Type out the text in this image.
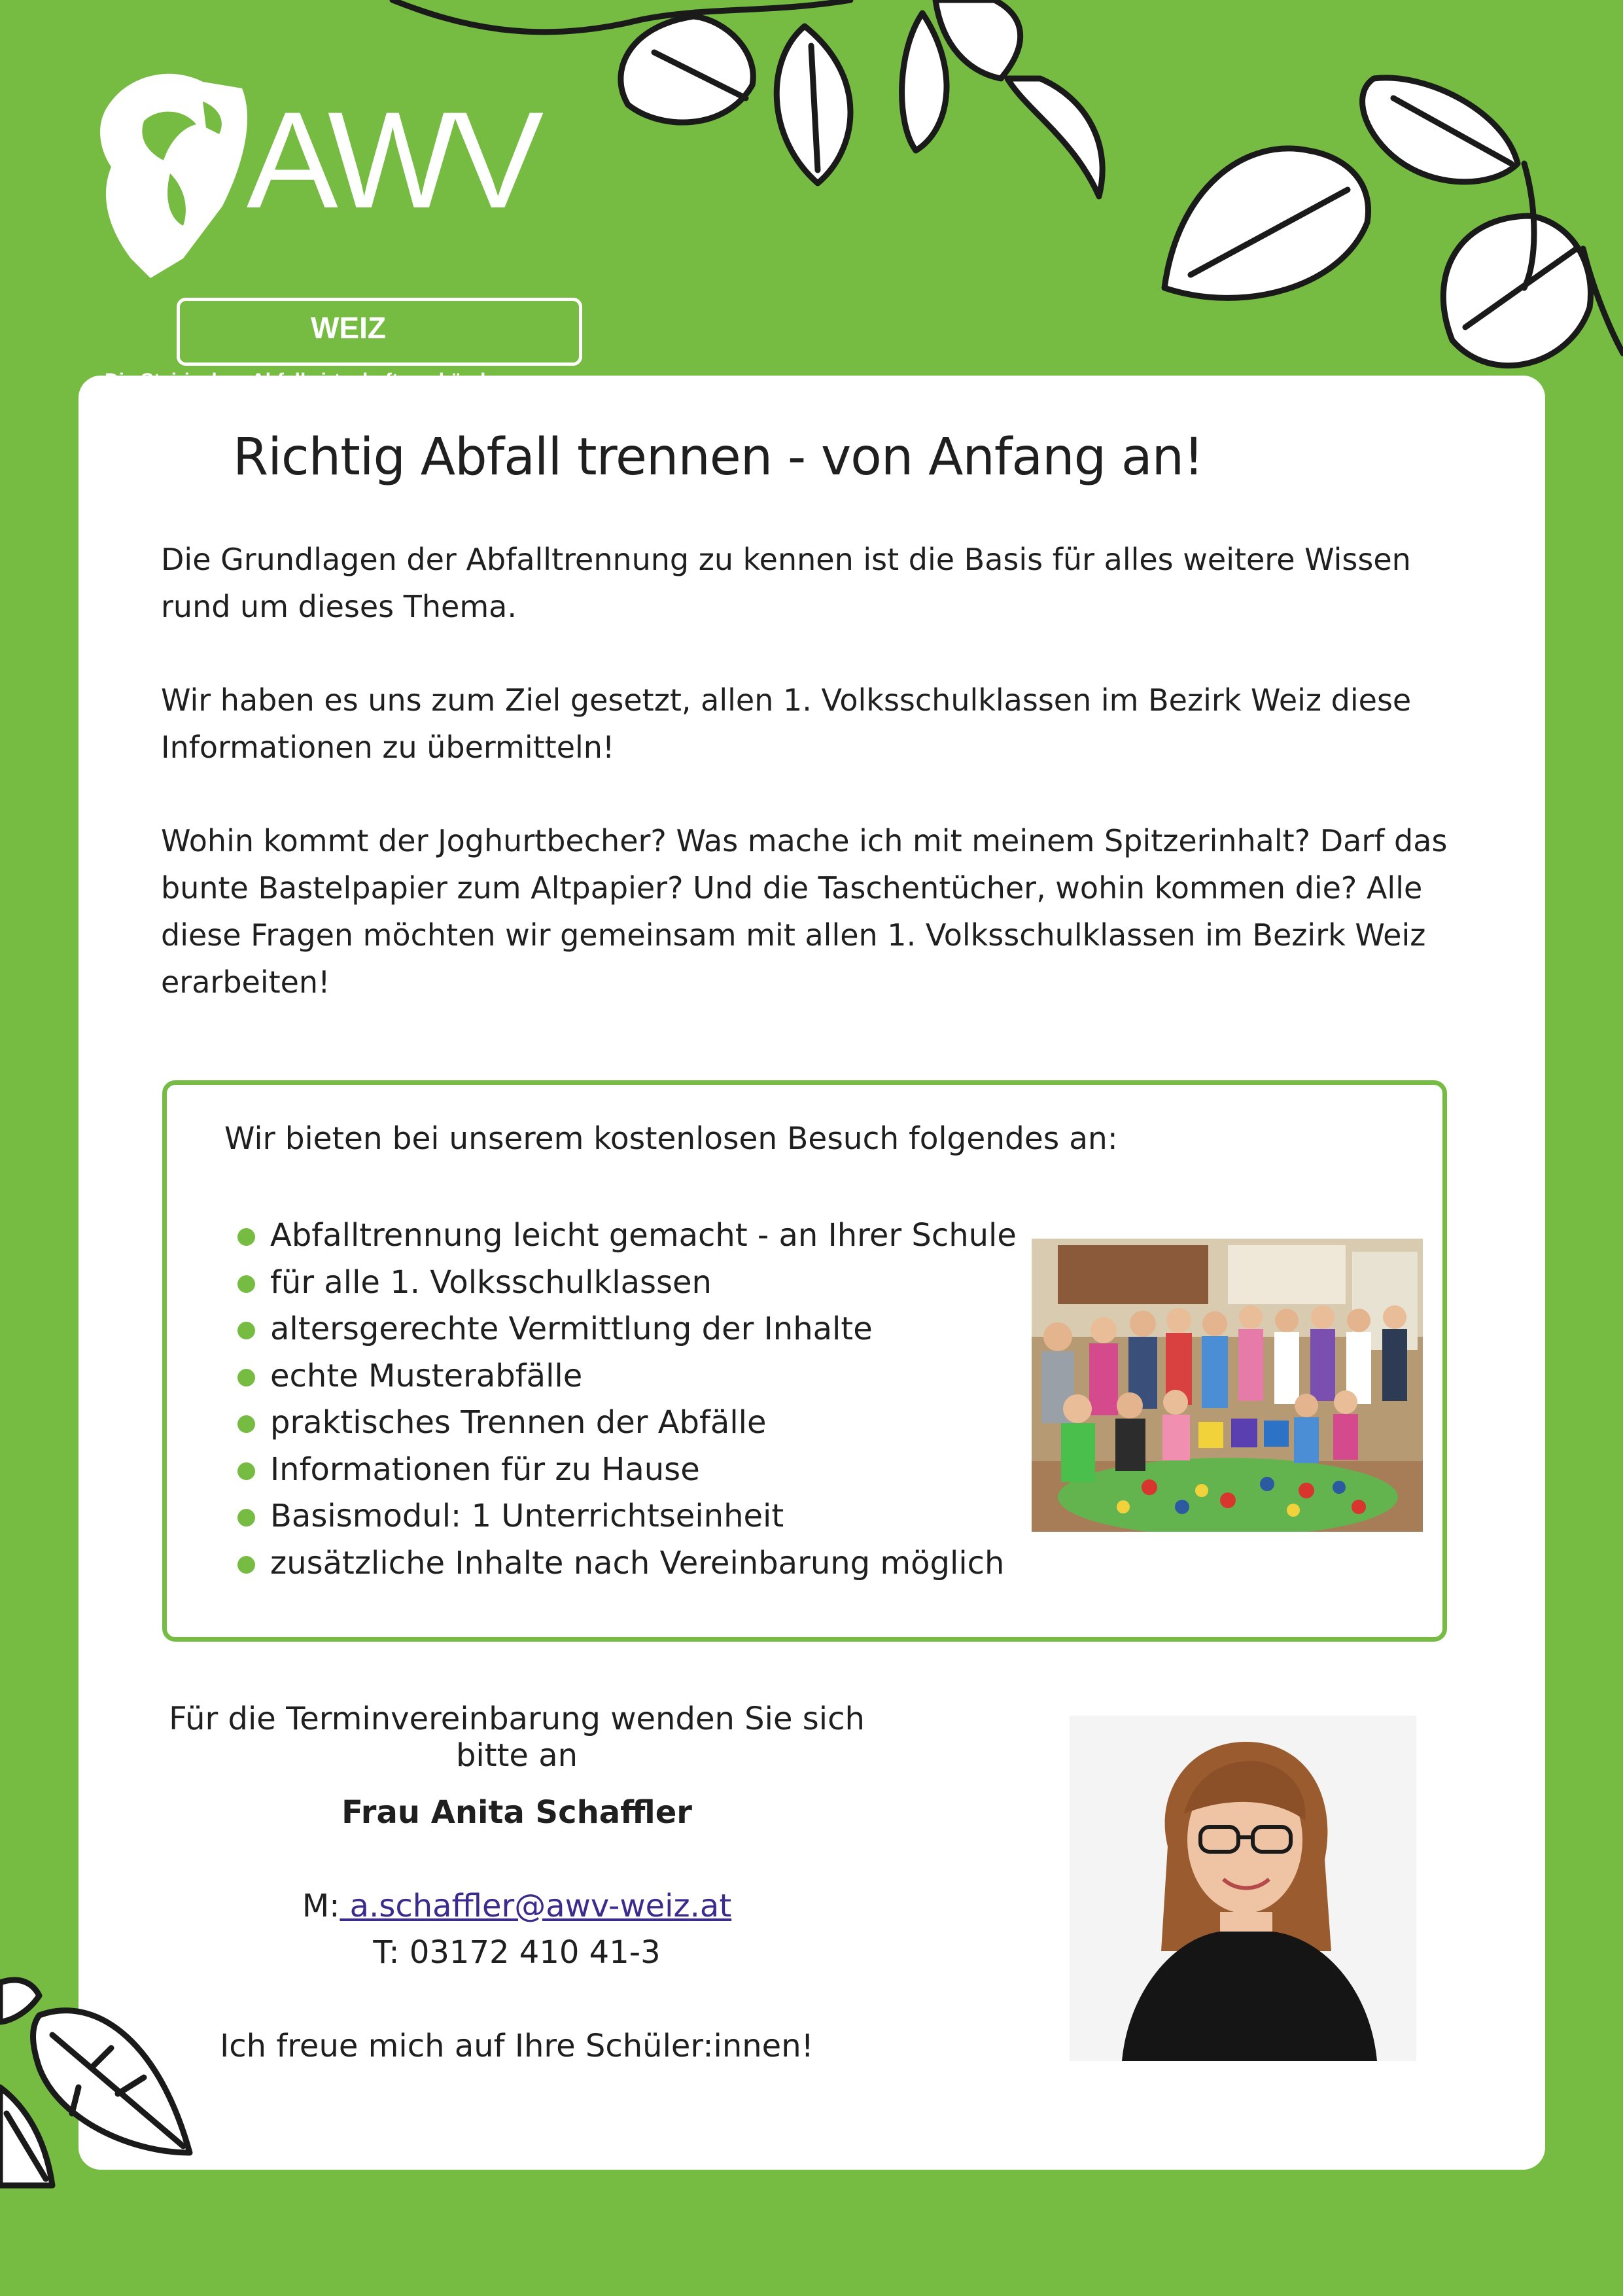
AWV
WEIZ
Richtig Abfall trennen - von Anfang an!

Die Grundlagen der Abfalltrennung zu kennen ist die Basis für alles weitere Wissen rund um dieses Thema.

Wir haben es uns zum Ziel gesetzt, allen 1. Volksschulklassen im Bezirk Weiz diese Informationen zu übermitteln!

Wohin kommt der Joghurtbecher? Was mache ich mit meinem Spitzerinhalt? Darf das bunte Bastelpapier zum Altpapier? Und die Taschentücher, wohin kommen die? Alle diese Fragen möchten wir gemeinsam mit allen 1. Volksschulklassen im Bezirk Weiz erarbeiten!

Wir bieten bei unserem kostenlosen Besuch folgendes an:
Abfalltrennung leicht gemacht - an Ihrer Schule
für alle 1. Volksschulklassen
altersgerechte Vermittlung der Inhalte
echte Musterabfälle
praktisches Trennen der Abfälle
Informationen für zu Hause
Basismodul: 1 Unterrichtseinheit
zusätzliche Inhalte nach Vereinbarung möglich
Für die Terminvereinbarung wenden Sie sich bitte an
Frau Anita Schaffler
M: a.schaffler@awv-weiz.at
T: 03172 410 41-3
Ich freue mich auf Ihre Schüler:innen!
